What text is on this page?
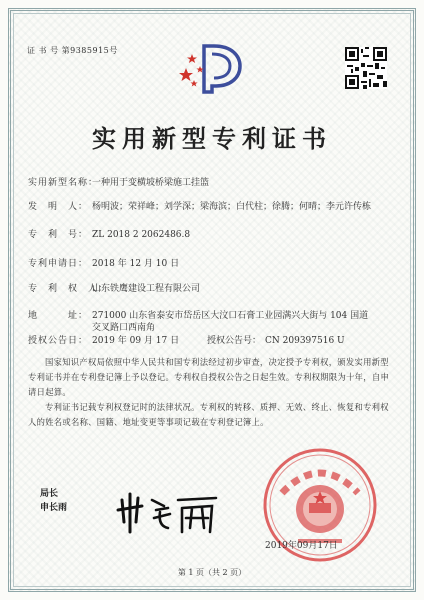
证 书 号 第9385915号
实用新型专利证书
实用新型名称：一种用于变横坡桥梁施工挂篮
发　明　人： 杨明波；荣祥峰；刘学深；梁海滨；白代柱；徐腾；何晴；李元许传栋
专　利　号： ZL 2018 2 2062486.8
专利申请日： 2018 年 12 月 10 日
专　利　权　人：山东铁鹰建设工程有限公司
地　　　址： 271000 山东省泰安市岱岳区大汶口石膏工业园满兴大街与 104 国道交叉路口西南角
授权公告日： 2019 年 09 月 17 日	授权公告号： CN 209397516 U

国家知识产权局依照中华人民共和国专利法经过初步审查，决定授予专利权，颁发实用新型专利证书并在专利登记簿上予以登记。专利权自授权公告之日起生效。专利权期限为十年，自申请日起算。

专利证书记载专利权登记时的法律状况。专利权的转移、质押、无效、终止、恢复和专利权人的姓名或名称、国籍、地址变更等事项记载在专利登记簿上。

局长
申长雨
2019年09月17日
第 1 页（共 2 页）
